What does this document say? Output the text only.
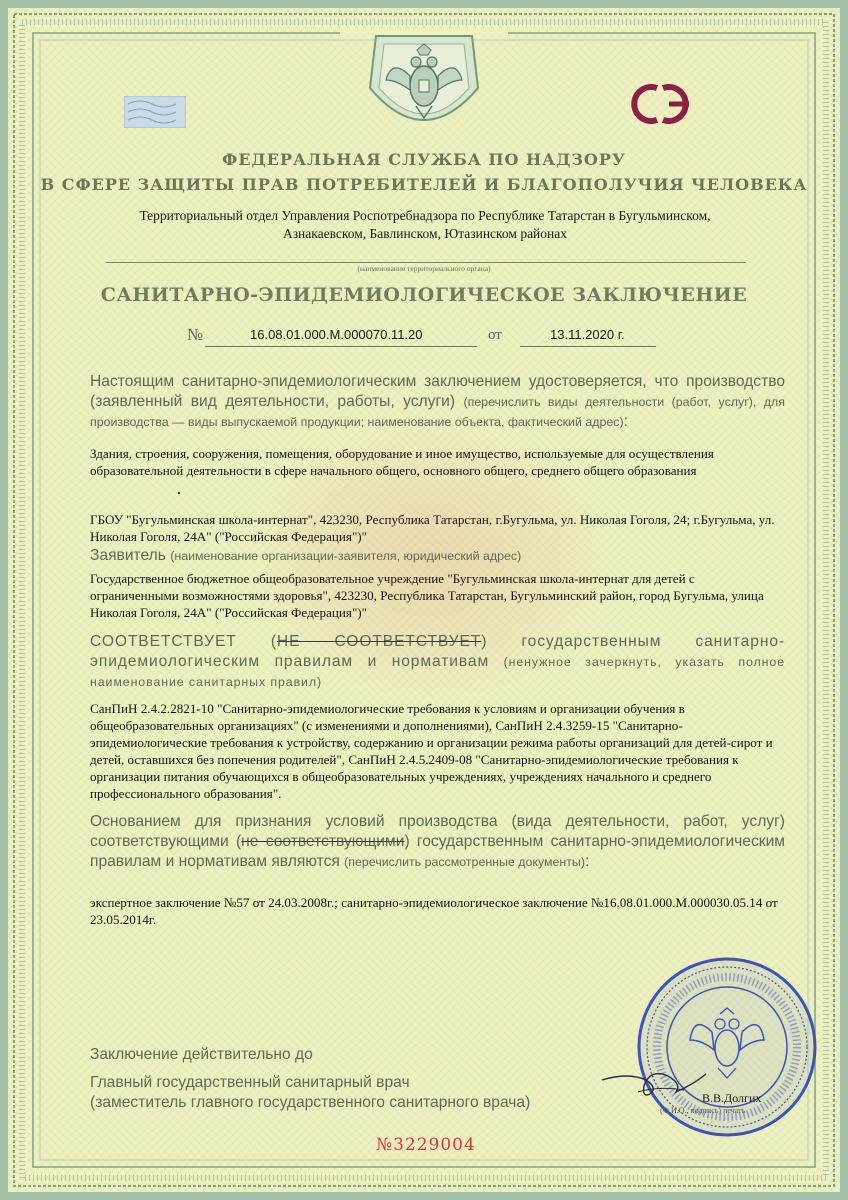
ФЕДЕРАЛЬНАЯ СЛУЖБА ПО НАДЗОРУ
В СФЕРЕ ЗАЩИТЫ ПРАВ ПОТРЕБИТЕЛЕЙ И БЛАГОПОЛУЧИЯ ЧЕЛОВЕКА
Территориальный отдел Управления Роспотребнадзора по Республике Татарстан в Бугульминском,
Азнакаевском, Бавлинском, Ютазинском районах
(наименование территориального органа)
САНИТАРНО-ЭПИДЕМИОЛОГИЧЕСКОЕ ЗАКЛЮЧЕНИЕ
№	16.08.01.000.М.000070.11.20	от	13.11.2020 г.
Настоящим санитарно-эпидемиологическим заключением удостоверяется, что производство (заявленный вид деятельности, работы, услуги) (перечислить виды деятельности (работ, услуг), для производства — виды выпускаемой продукции; наименование объекта, фактический адрес):
Здания, строения, сооружения, помещения, оборудование и иное имущество, используемые для осуществления образовательной деятельности в сфере начального общего, основного общего, среднего общего образования
ГБОУ "Бугульминская школа-интернат", 423230, Республика Татарстан, г.Бугульма, ул. Николая Гоголя, 24; г.Бугульма, ул. Николая Гоголя, 24А" ("Российская Федерация")"
Заявитель (наименование организации-заявителя, юридический адрес)
Государственное бюджетное общеобразовательное учреждение "Бугульминская школа-интернат для детей с ограниченными возможностями здоровья", 423230, Республика Татарстан, Бугульминский район, город Бугульма, улица Николая Гоголя, 24А" ("Российская Федерация")"
СООТВЕТСТВУЕТ (НЕ СООТВЕТСТВУЕТ) государственным санитарно-эпидемиологическим правилам и нормативам (ненужное зачеркнуть, указать полное наименование санитарных правил)
СанПиН 2.4.2.2821-10 "Санитарно-эпидемиологические требования к условиям и организации обучения в общеобразовательных организациях" (с изменениями и дополнениями), СанПиН 2.4.3259-15 "Санитарно-эпидемиологические требования к устройству, содержанию и организации режима работы организаций для детей-сирот и детей, оставшихся без попечения родителей", СанПиН 2.4.5.2409-08 "Санитарно-эпидемиологические требования к организации питания обучающихся в общеобразовательных учреждениях, учреждениях начального и среднего профессионального образования".
Основанием для признания условий производства (вида деятельности, работ, услуг) соответствующими (не соответствующими) государственным санитарно-эпидемиологическим правилам и нормативам являются (перечислить рассмотренные документы):
экспертное заключение №57 от 24.03.2008г.; санитарно-эпидемиологическое заключение №16.08.01.000.М.000030.05.14 от 23.05.2014г.
Заключение действительно до
Главный государственный санитарный врач
(заместитель главного государственного санитарного врача)	В.В.Долгих
(Ф.И.О., подпись) печать
№3229004
